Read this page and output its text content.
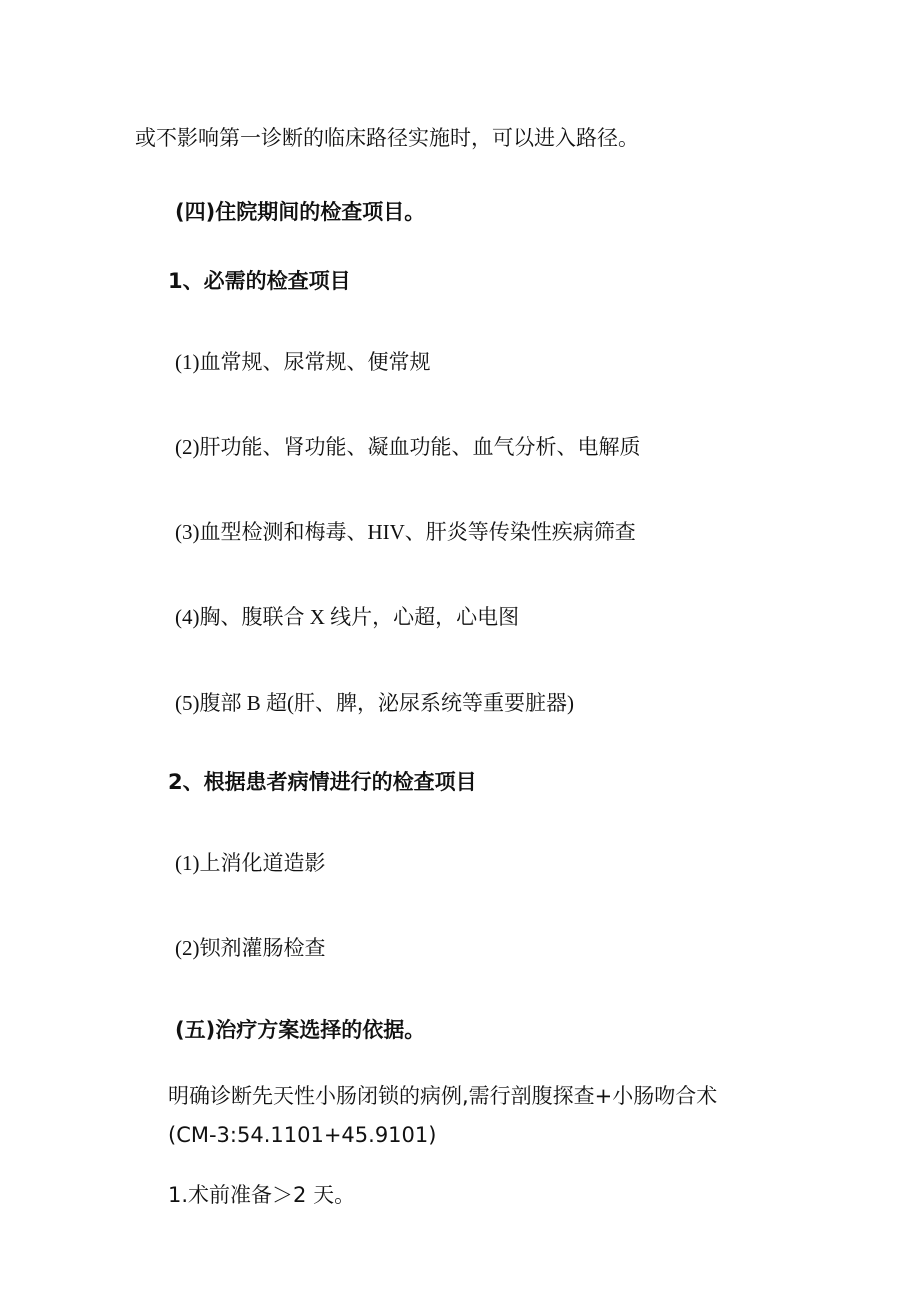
或不影响第一诊断的临床路径实施时，可以进入路径。
(四)住院期间的检查项目。
1、必需的检查项目
(1)血常规、尿常规、便常规
(2)肝功能、肾功能、凝血功能、血气分析、电解质
(3)血型检测和梅毒、HIV、肝炎等传染性疾病筛查
(4)胸、腹联合 X 线片，心超，心电图
(5)腹部 B 超(肝、脾，泌尿系统等重要脏器)
2、根据患者病情进行的检查项目
(1)上消化道造影
(2)钡剂灌肠检查
(五)治疗方案选择的依据。
明确诊断先天性小肠闭锁的病例,需行剖腹探查+小肠吻合术
(CM-3:54.1101+45.9101)
1.术前准备＞2 天。
